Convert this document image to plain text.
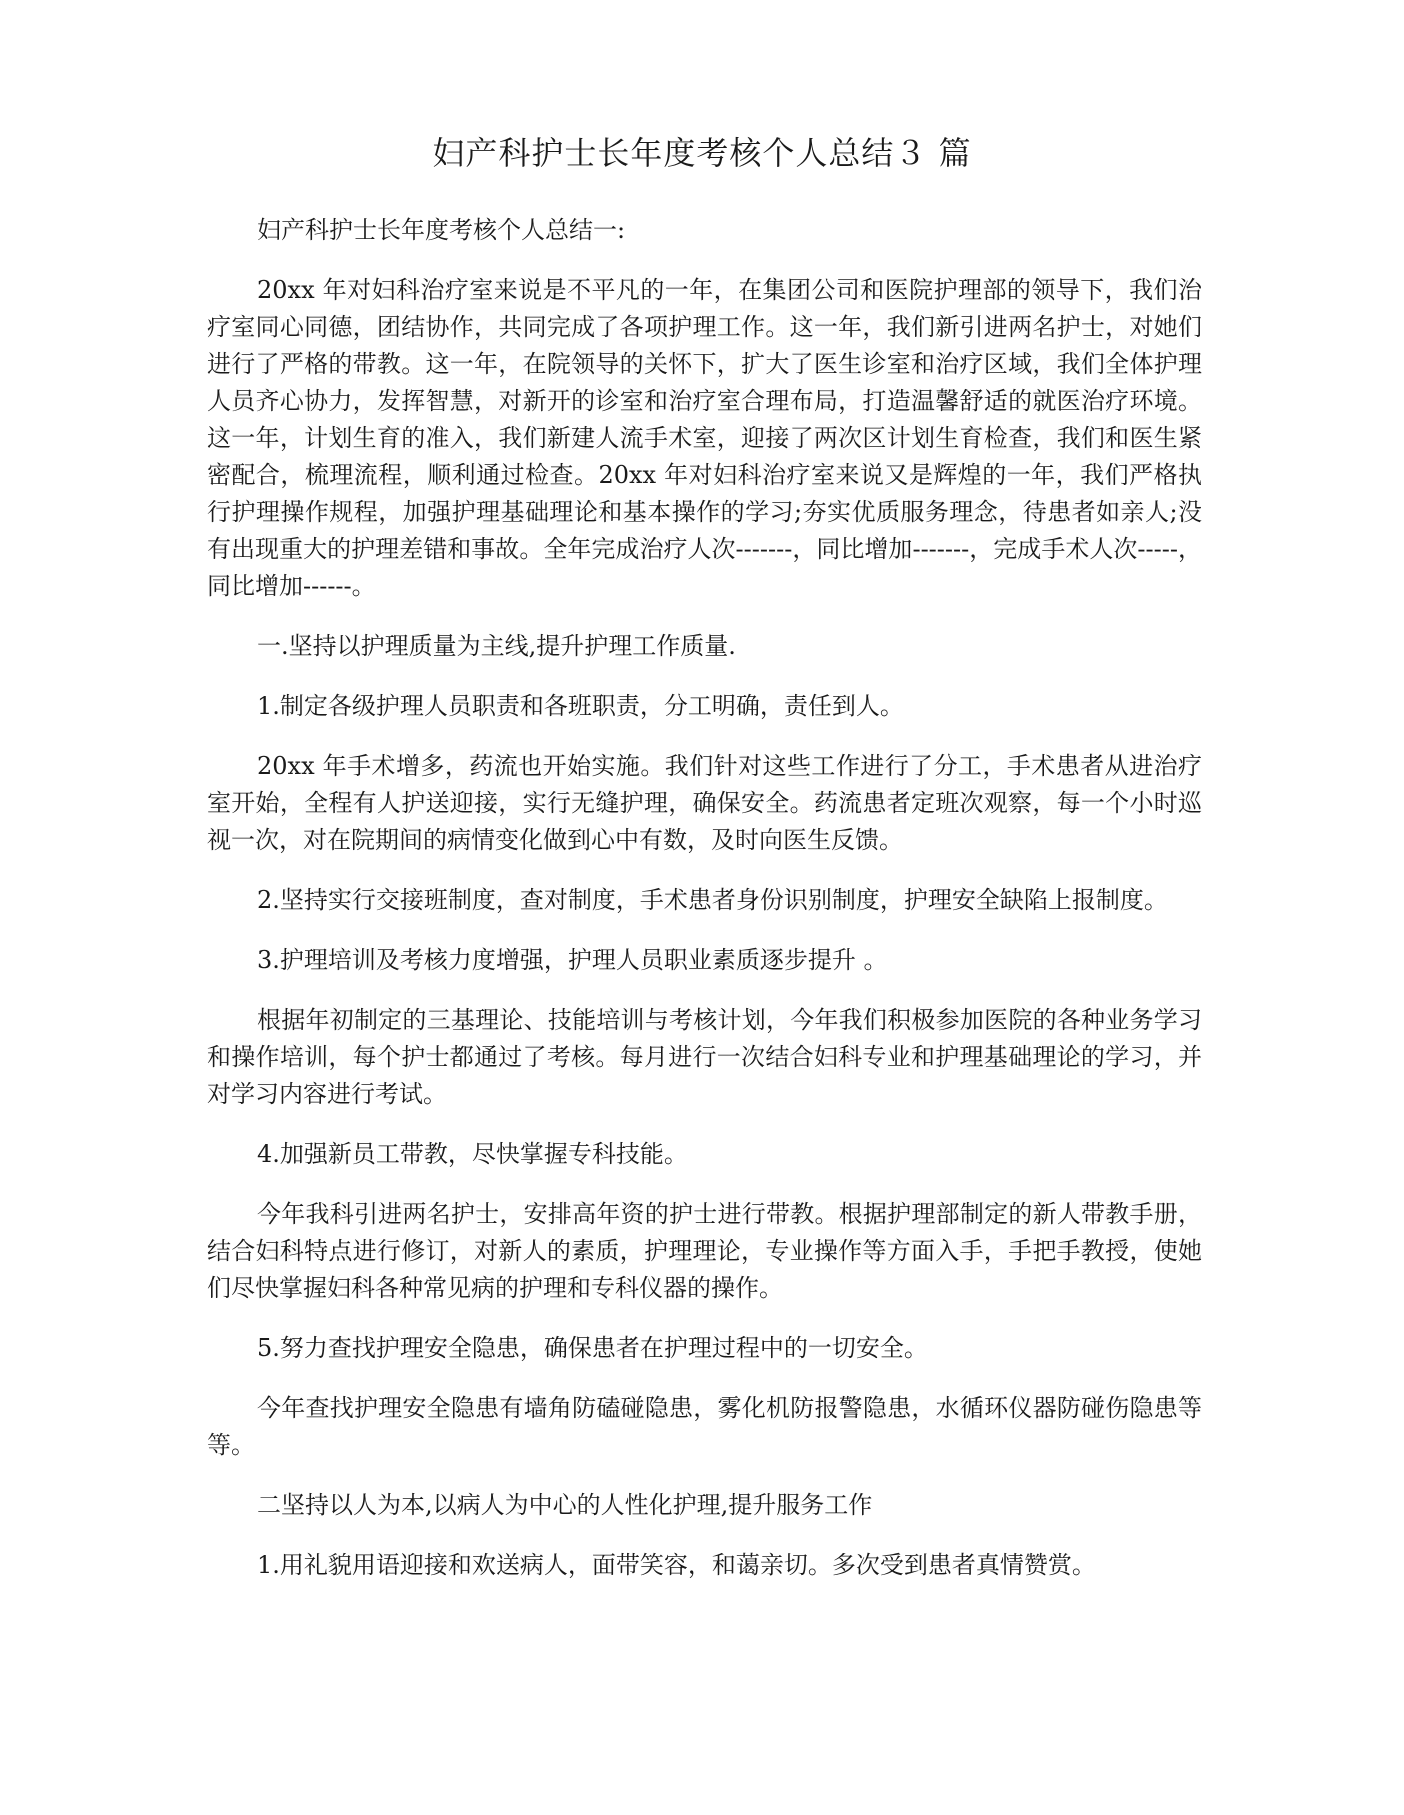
妇产科护士长年度考核个人总结３ 篇

妇产科护士长年度考核个人总结一:

20xx 年对妇科治疗室来说是不平凡的一年，在集团公司和医院护理部的领导下，我们治疗室同心同德，团结协作，共同完成了各项护理工作。这一年，我们新引进两名护士，对她们进行了严格的带教。这一年，在院领导的关怀下，扩大了医生诊室和治疗区域，我们全体护理人员齐心协力，发挥智慧，对新开的诊室和治疗室合理布局，打造温馨舒适的就医治疗环境。这一年，计划生育的准入，我们新建人流手术室，迎接了两次区计划生育检查，我们和医生紧密配合，梳理流程，顺利通过检查。20xx 年对妇科治疗室来说又是辉煌的一年，我们严格执行护理操作规程，加强护理基础理论和基本操作的学习;夯实优质服务理念，待患者如亲人;没有出现重大的护理差错和事故。全年完成治疗人次-------，同比增加-------，完成手术人次-----，同比增加------。

一.坚持以护理质量为主线,提升护理工作质量.

1.制定各级护理人员职责和各班职责，分工明确，责任到人。

20xx 年手术增多，药流也开始实施。我们针对这些工作进行了分工，手术患者从进治疗室开始，全程有人护送迎接，实行无缝护理，确保安全。药流患者定班次观察，每一个小时巡视一次，对在院期间的病情变化做到心中有数，及时向医生反馈。

2.坚持实行交接班制度，查对制度，手术患者身份识别制度，护理安全缺陷上报制度。

3.护理培训及考核力度增强，护理人员职业素质逐步提升 。

根据年初制定的三基理论、技能培训与考核计划，今年我们积极参加医院的各种业务学习和操作培训，每个护士都通过了考核。每月进行一次结合妇科专业和护理基础理论的学习，并对学习内容进行考试。

4.加强新员工带教，尽快掌握专科技能。

今年我科引进两名护士，安排高年资的护士进行带教。根据护理部制定的新人带教手册，结合妇科特点进行修订，对新人的素质，护理理论，专业操作等方面入手，手把手教授，使她们尽快掌握妇科各种常见病的护理和专科仪器的操作。

5.努力查找护理安全隐患，确保患者在护理过程中的一切安全。

今年查找护理安全隐患有墙角防磕碰隐患，雾化机防报警隐患，水循环仪器防碰伤隐患等等。

二坚持以人为本,以病人为中心的人性化护理,提升服务工作

1.用礼貌用语迎接和欢送病人，面带笑容，和蔼亲切。多次受到患者真情赞赏。
